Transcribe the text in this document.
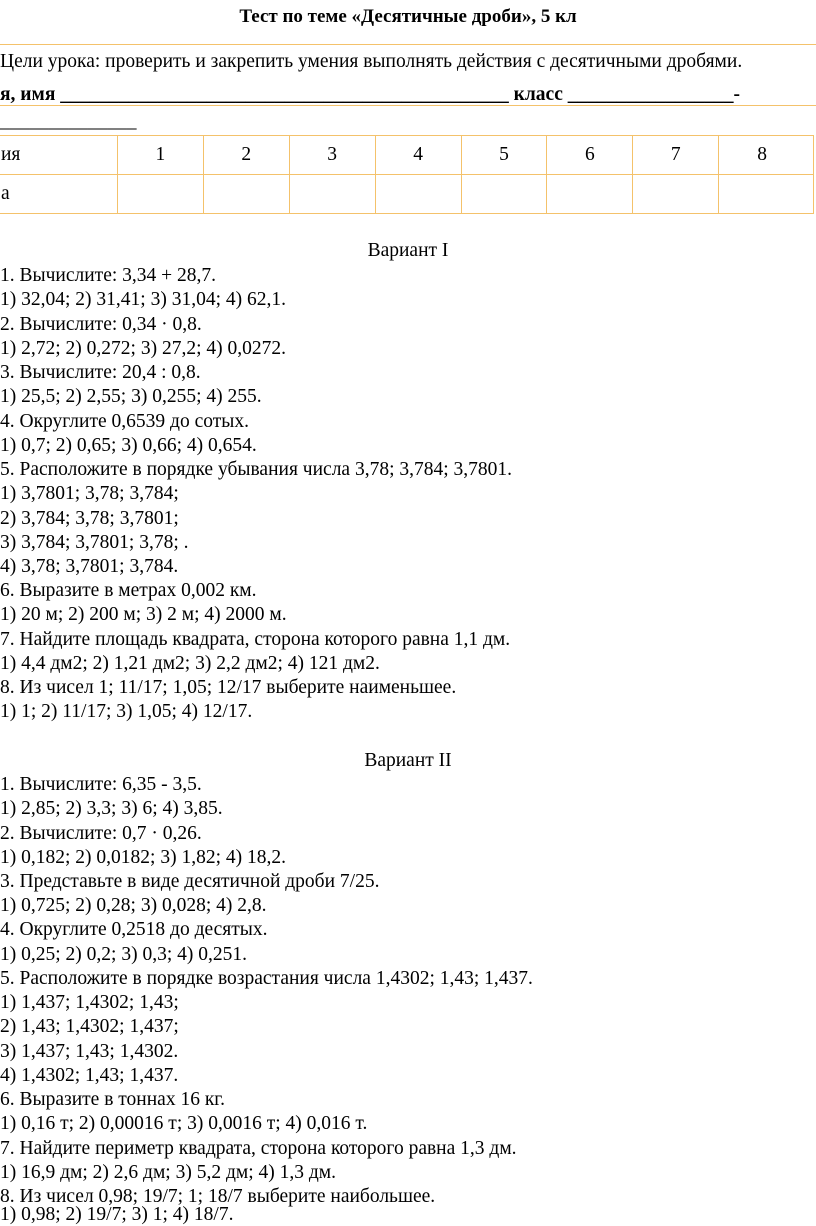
Тест по теме «Десятичные дроби», 5 кл
Цели урока: проверить и закрепить умения выполнять действия с десятичными дробями.
я, имя ______________________________________________ класс _________________-
______________
ия	1	2	3	4	5	6	7	8
а								
Вариант I
1. Вычислите: 3,34 + 28,7.
1) 32,04; 2) 31,41; 3) 31,04; 4) 62,1.
2. Вычислите: 0,34 · 0,8.
1) 2,72; 2) 0,272; 3) 27,2; 4) 0,0272.
3. Вычислите: 20,4 : 0,8.
1) 25,5; 2) 2,55; 3) 0,255; 4) 255.
4. Округлите 0,6539 до сотых.
1) 0,7; 2) 0,65; 3) 0,66; 4) 0,654.
5. Расположите в порядке убывания числа 3,78; 3,784; 3,7801.
1) 3,7801; 3,78; 3,784;
2) 3,784; 3,78; 3,7801;
3) 3,784; 3,7801; 3,78; .
4) 3,78; 3,7801; 3,784.
6. Выразите в метрах 0,002 км.
1) 20 м; 2) 200 м; 3) 2 м; 4) 2000 м.
7. Найдите площадь квадрата, сторона которого равна 1,1 дм.
1) 4,4 дм2; 2) 1,21 дм2; 3) 2,2 дм2; 4) 121 дм2.
8. Из чисел 1; 11/17; 1,05; 12/17 выберите наименьшее.
1) 1; 2) 11/17; 3) 1,05; 4) 12/17.
Вариант II
1. Вычислите: 6,35 - 3,5.
1) 2,85; 2) 3,3; 3) 6; 4) 3,85.
2. Вычислите: 0,7 · 0,26.
1) 0,182; 2) 0,0182; 3) 1,82; 4) 18,2.
3. Представьте в виде десятичной дроби 7/25.
1) 0,725; 2) 0,28; 3) 0,028; 4) 2,8.
4. Округлите 0,2518 до десятых.
1) 0,25; 2) 0,2; 3) 0,3; 4) 0,251.
5. Расположите в порядке возрастания числа 1,4302; 1,43; 1,437.
1) 1,437; 1,4302; 1,43;
2) 1,43; 1,4302; 1,437;
3) 1,437; 1,43; 1,4302.
4) 1,4302; 1,43; 1,437.
6. Выразите в тоннах 16 кг.
1) 0,16 т; 2) 0,00016 т; 3) 0,0016 т; 4) 0,016 т.
7. Найдите периметр квадрата, сторона которого равна 1,3 дм.
1) 16,9 дм; 2) 2,6 дм; 3) 5,2 дм; 4) 1,3 дм.
8. Из чисел 0,98; 19/7; 1; 18/7 выберите наибольшее.
1) 0,98; 2) 19/7; 3) 1; 4) 18/7.
